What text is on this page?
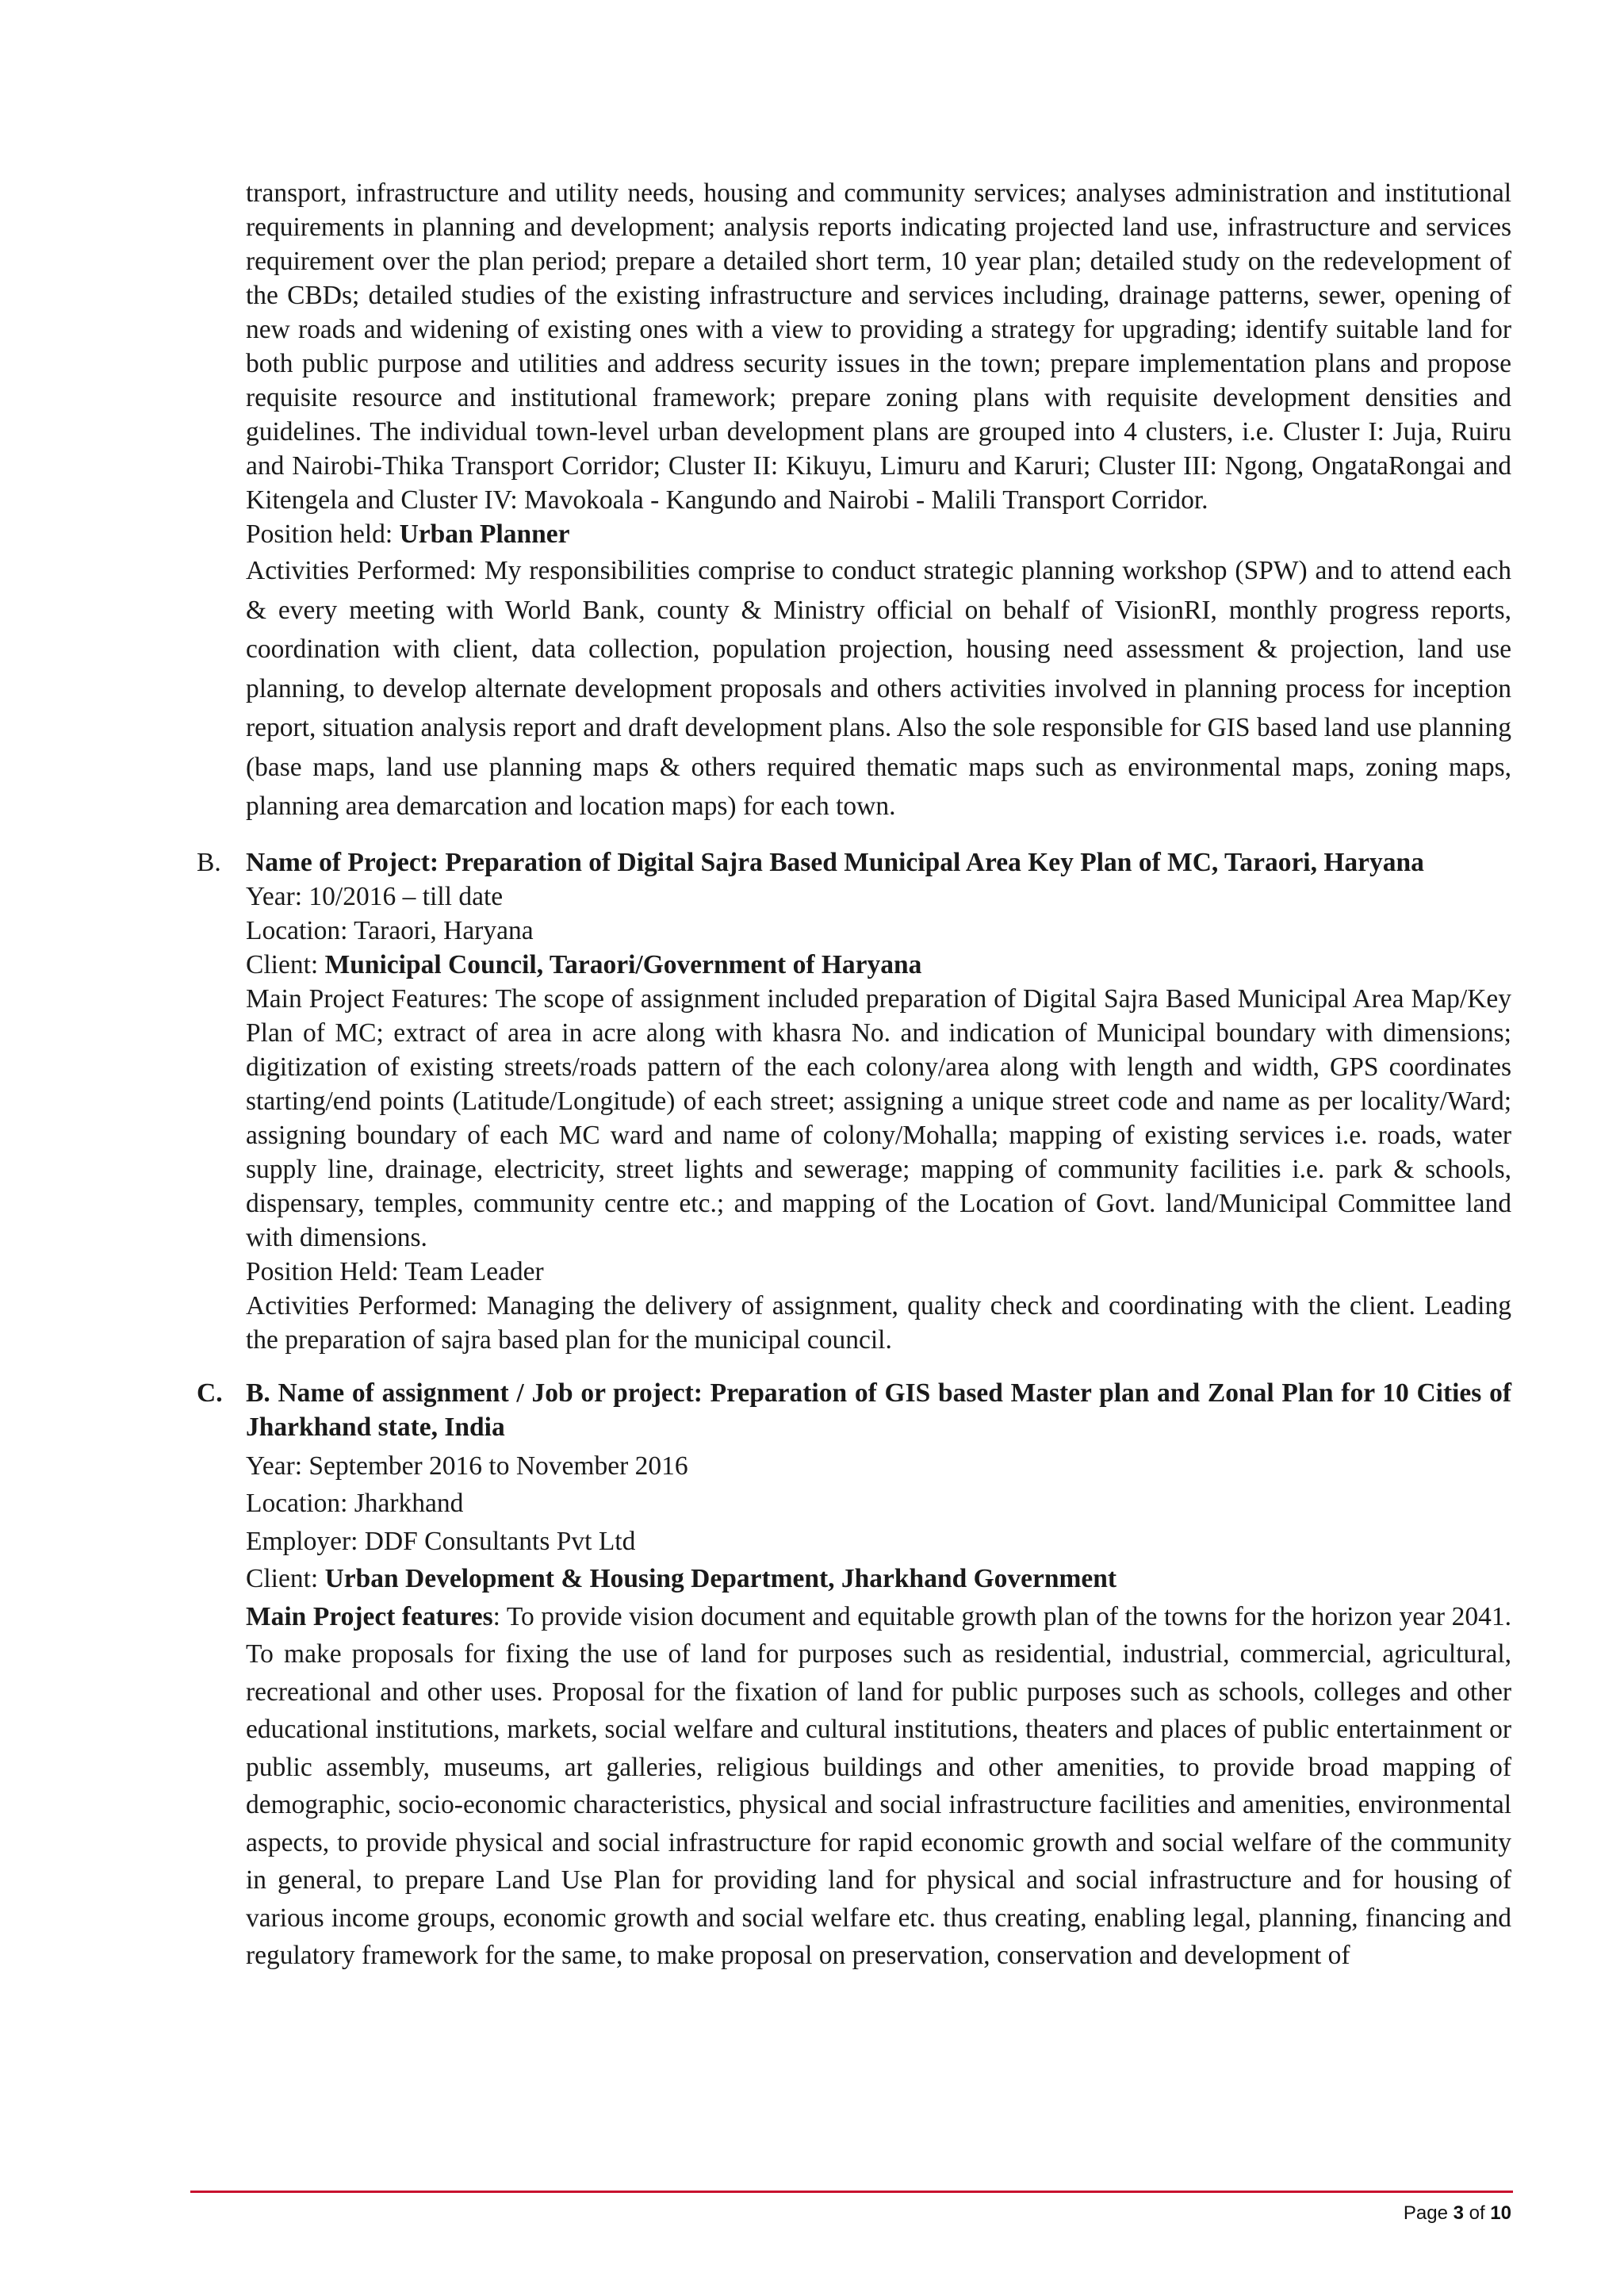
transport, infrastructure and utility needs, housing and community services; analyses administration and institutional requirements in planning and development; analysis reports indicating projected land use, infrastructure and services requirement over the plan period; prepare a detailed short term, 10 year plan; detailed study on the redevelopment of the CBDs; detailed studies of the existing infrastructure and services including, drainage patterns, sewer, opening of new roads and widening of existing ones with a view to providing a strategy for upgrading; identify suitable land for both public purpose and utilities and address security issues in the town; prepare implementation plans and propose requisite resource and institutional framework; prepare zoning plans with requisite development densities and guidelines. The individual town-level urban development plans are grouped into 4 clusters, i.e. Cluster I: Juja, Ruiru and Nairobi-Thika Transport Corridor; Cluster II: Kikuyu, Limuru and Karuri; Cluster III: Ngong, OngataRongai and Kitengela and Cluster IV: Mavokoala - Kangundo and Nairobi - Malili Transport Corridor.

Position held: Urban Planner

Activities Performed: My responsibilities comprise to conduct strategic planning workshop (SPW) and to attend each & every meeting with World Bank, county & Ministry official on behalf of VisionRI, monthly progress reports, coordination with client, data collection, population projection, housing need assessment & projection, land use planning, to develop alternate development proposals and others activities involved in planning process for inception report, situation analysis report and draft development plans. Also the sole responsible for GIS based land use planning (base maps, land use planning maps & others required thematic maps such as environmental maps, zoning maps, planning area demarcation and location maps) for each town.

B. Name of Project: Preparation of Digital Sajra Based Municipal Area Key Plan of MC, Taraori, Haryana

Year: 10/2016 – till date

Location: Taraori, Haryana

Client: Municipal Council, Taraori/Government of Haryana

Main Project Features: The scope of assignment included preparation of Digital Sajra Based Municipal Area Map/Key Plan of MC; extract of area in acre along with khasra No. and indication of Municipal boundary with dimensions; digitization of existing streets/roads pattern of the each colony/area along with length and width, GPS coordinates starting/end points (Latitude/Longitude) of each street; assigning a unique street code and name as per locality/Ward; assigning boundary of each MC ward and name of colony/Mohalla; mapping of existing services i.e. roads, water supply line, drainage, electricity, street lights and sewerage; mapping of community facilities i.e. park & schools, dispensary, temples, community centre etc.; and mapping of the Location of Govt. land/Municipal Committee land with dimensions.

Position Held: Team Leader

Activities Performed: Managing the delivery of assignment, quality check and coordinating with the client. Leading the preparation of sajra based plan for the municipal council.

C. B. Name of assignment / Job or project: Preparation of GIS based Master plan and Zonal Plan for 10 Cities of Jharkhand state, India

Year: September 2016 to November 2016

Location: Jharkhand

Employer: DDF Consultants Pvt Ltd

Client: Urban Development & Housing Department, Jharkhand Government

Main Project features: To provide vision document and equitable growth plan of the towns for the horizon year 2041. To make proposals for fixing the use of land for purposes such as residential, industrial, commercial, agricultural, recreational and other uses. Proposal for the fixation of land for public purposes such as schools, colleges and other educational institutions, markets, social welfare and cultural institutions, theaters and places of public entertainment or public assembly, museums, art galleries, religious buildings and other amenities, to provide broad mapping of demographic, socio-economic characteristics, physical and social infrastructure facilities and amenities, environmental aspects, to provide physical and social infrastructure for rapid economic growth and social welfare of the community in general, to prepare Land Use Plan for providing land for physical and social infrastructure and for housing of various income groups, economic growth and social welfare etc. thus creating, enabling legal, planning, financing and regulatory framework for the same, to make proposal on preservation, conservation and development of

Page 3 of 10
